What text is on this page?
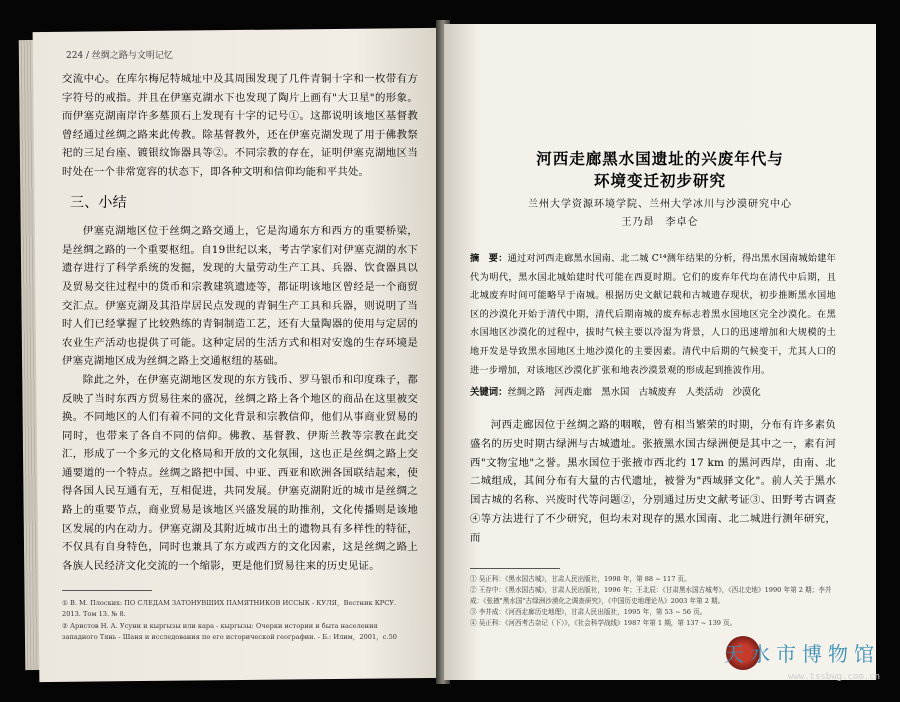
224 / 丝绸之路与文明记忆

交流中心。在库尔梅尼特城址中及其周围发现了几件青铜十字和一枚带有方字符号的戒指。并且在伊塞克湖水下也发现了陶片上画有"大卫星"的形象。而伊塞克湖南岸许多墓顶石上发现有十字的记号①。这都说明该地区基督教曾经通过丝绸之路来此传教。除基督教外，还在伊塞克湖发现了用于佛教祭祀的三足台座、镀银纹饰器具等②。不同宗教的存在，证明伊塞克湖地区当时处在一个非常宽容的状态下，即各种文明和信仰均能和平共处。

三、小结

伊塞克湖地区位于丝绸之路交通上，它是沟通东方和西方的重要桥梁，是丝绸之路的一个重要枢纽。自19世纪以来，考古学家们对伊塞克湖的水下遗存进行了科学系统的发掘，发现的大量劳动生产工具、兵器、饮食器具以及贸易交往过程中的货币和宗教建筑遗迹等，都证明该地区曾经是一个商贸交汇点。伊塞克湖及其沿岸居民点发现的青铜生产工具和兵器，则说明了当时人们已经掌握了比较熟练的青铜制造工艺，还有大量陶器的使用与定居的农业生产活动也提供了可能。这种定居的生活方式和相对安逸的生存环境是伊塞克湖地区成为丝绸之路上交通枢纽的基础。

除此之外，在伊塞克湖地区发现的东方钱币、罗马银币和印度珠子，都反映了当时东西方贸易往来的盛况，丝绸之路上各个地区的商品在这里被交换。不同地区的人们有着不同的文化背景和宗教信仰，他们从事商业贸易的同时，也带来了各自不同的信仰。佛教、基督教、伊斯兰教等宗教在此交汇，形成了一个多元的文化格局和开放的文化氛围，这也正是丝绸之路上交通要道的一个特点。丝绸之路把中国、中亚、西亚和欧洲各国联结起来，使得各国人民互通有无，互相促进，共同发展。伊塞克湖附近的城市是丝绸之路上的重要节点，商业贸易是该地区兴盛发展的助推剂，文化传播则是该地区发展的内在动力。伊塞克湖及其附近城市出土的遗物具有多样性的特征，不仅具有自身特色，同时也兼具了东方或西方的文化因素，这是丝绸之路上各族人民经济文化交流的一个缩影，更是他们贸易往来的历史见证。

① В. М. Плоских: ПО СЛЕДАМ ЗАТОНУВШИХ ПАМЯТНИКОВ ИССЫК - КУЛЯ，Вестник КРСУ. 2013. Том 13. № 8.
② Аристов Н. А. Усуни и кыргызы или кара - кыргызы: Очерки истории и быта населения западного Тянь - Шаня и исследования по его исторической географии. - Б.: Илим，2001，с.50
河西走廊黑水国遗址的兴废年代与
环境变迁初步研究
兰州大学资源环境学院、兰州大学冰川与沙漠研究中心
王乃昂　李卓仑
摘　要：通过对河西走廊黑水国南、北二城 C¹⁴测年结果的分析，得出黑水国南城始建年代为明代，黑水国北城始建时代可能在西夏时期。它们的废弃年代均在清代中后期，且北城废弃时间可能略早于南城。根据历史文献记载和古城遗存现状，初步推断黑水国地区的沙漠化开始于清代中期，清代后期南城的废弃标志着黑水国地区完全沙漠化。在黑水国地区沙漠化的过程中，拔时气候主要以冷湿为背景，人口的迅速增加和大规模的土地开发是导致黑水国地区土地沙漠化的主要因素。清代中后期的气候变干，尤其人口的进一步增加，对该地区沙漠化扩张和地表沙漠景观的形成起到推波作用。
关键词：丝绸之路　河西走廊　黑水国　古城废弃　人类活动　沙漠化

河西走廊因位于丝绸之路的咽喉，曾有相当繁荣的时期，分布有许多素负盛名的历史时期古绿洲与古城遗址。张掖黑水国古绿洲便是其中之一，素有河西"文物宝地"之誉。黑水国位于张掖市西北约 17 km 的黑河西岸，由南、北二城组成，其间分布有大量的古代遗址，被誉为"西域驿文化"。前人关于黑水国古城的名称、兴废时代等问题②，分别通过历史文献考证③、田野考古调查④等方法进行了不少研究，但均未对现存的黑水国南、北二城进行测年研究，而

① 吴正科：《黑水国古城》，甘肃人民出版社，1998 年，第 88 ~ 117 页。
② 王存中：《黑水国古城》，甘肃人民出版社，1996 年；王北辰：《甘肃黑水国古城考》，《西北史地》1990 年第 2 期；李并成：《张掖"黑水国"古绿洲沙漠化之调查研究》，《中国历史地理论丛》2003 年第 2 期。
③ 李并成：《河西走廊历史地理》，甘肃人民出版社，1995 年，第 53 ~ 56 页。
④ 吴正科：《河西考古杂记（下）》，《社会科学战线》1987 年第 1 期，第 137 ~ 139 页。
天水市博物馆
www.tssbwg.com.cn
